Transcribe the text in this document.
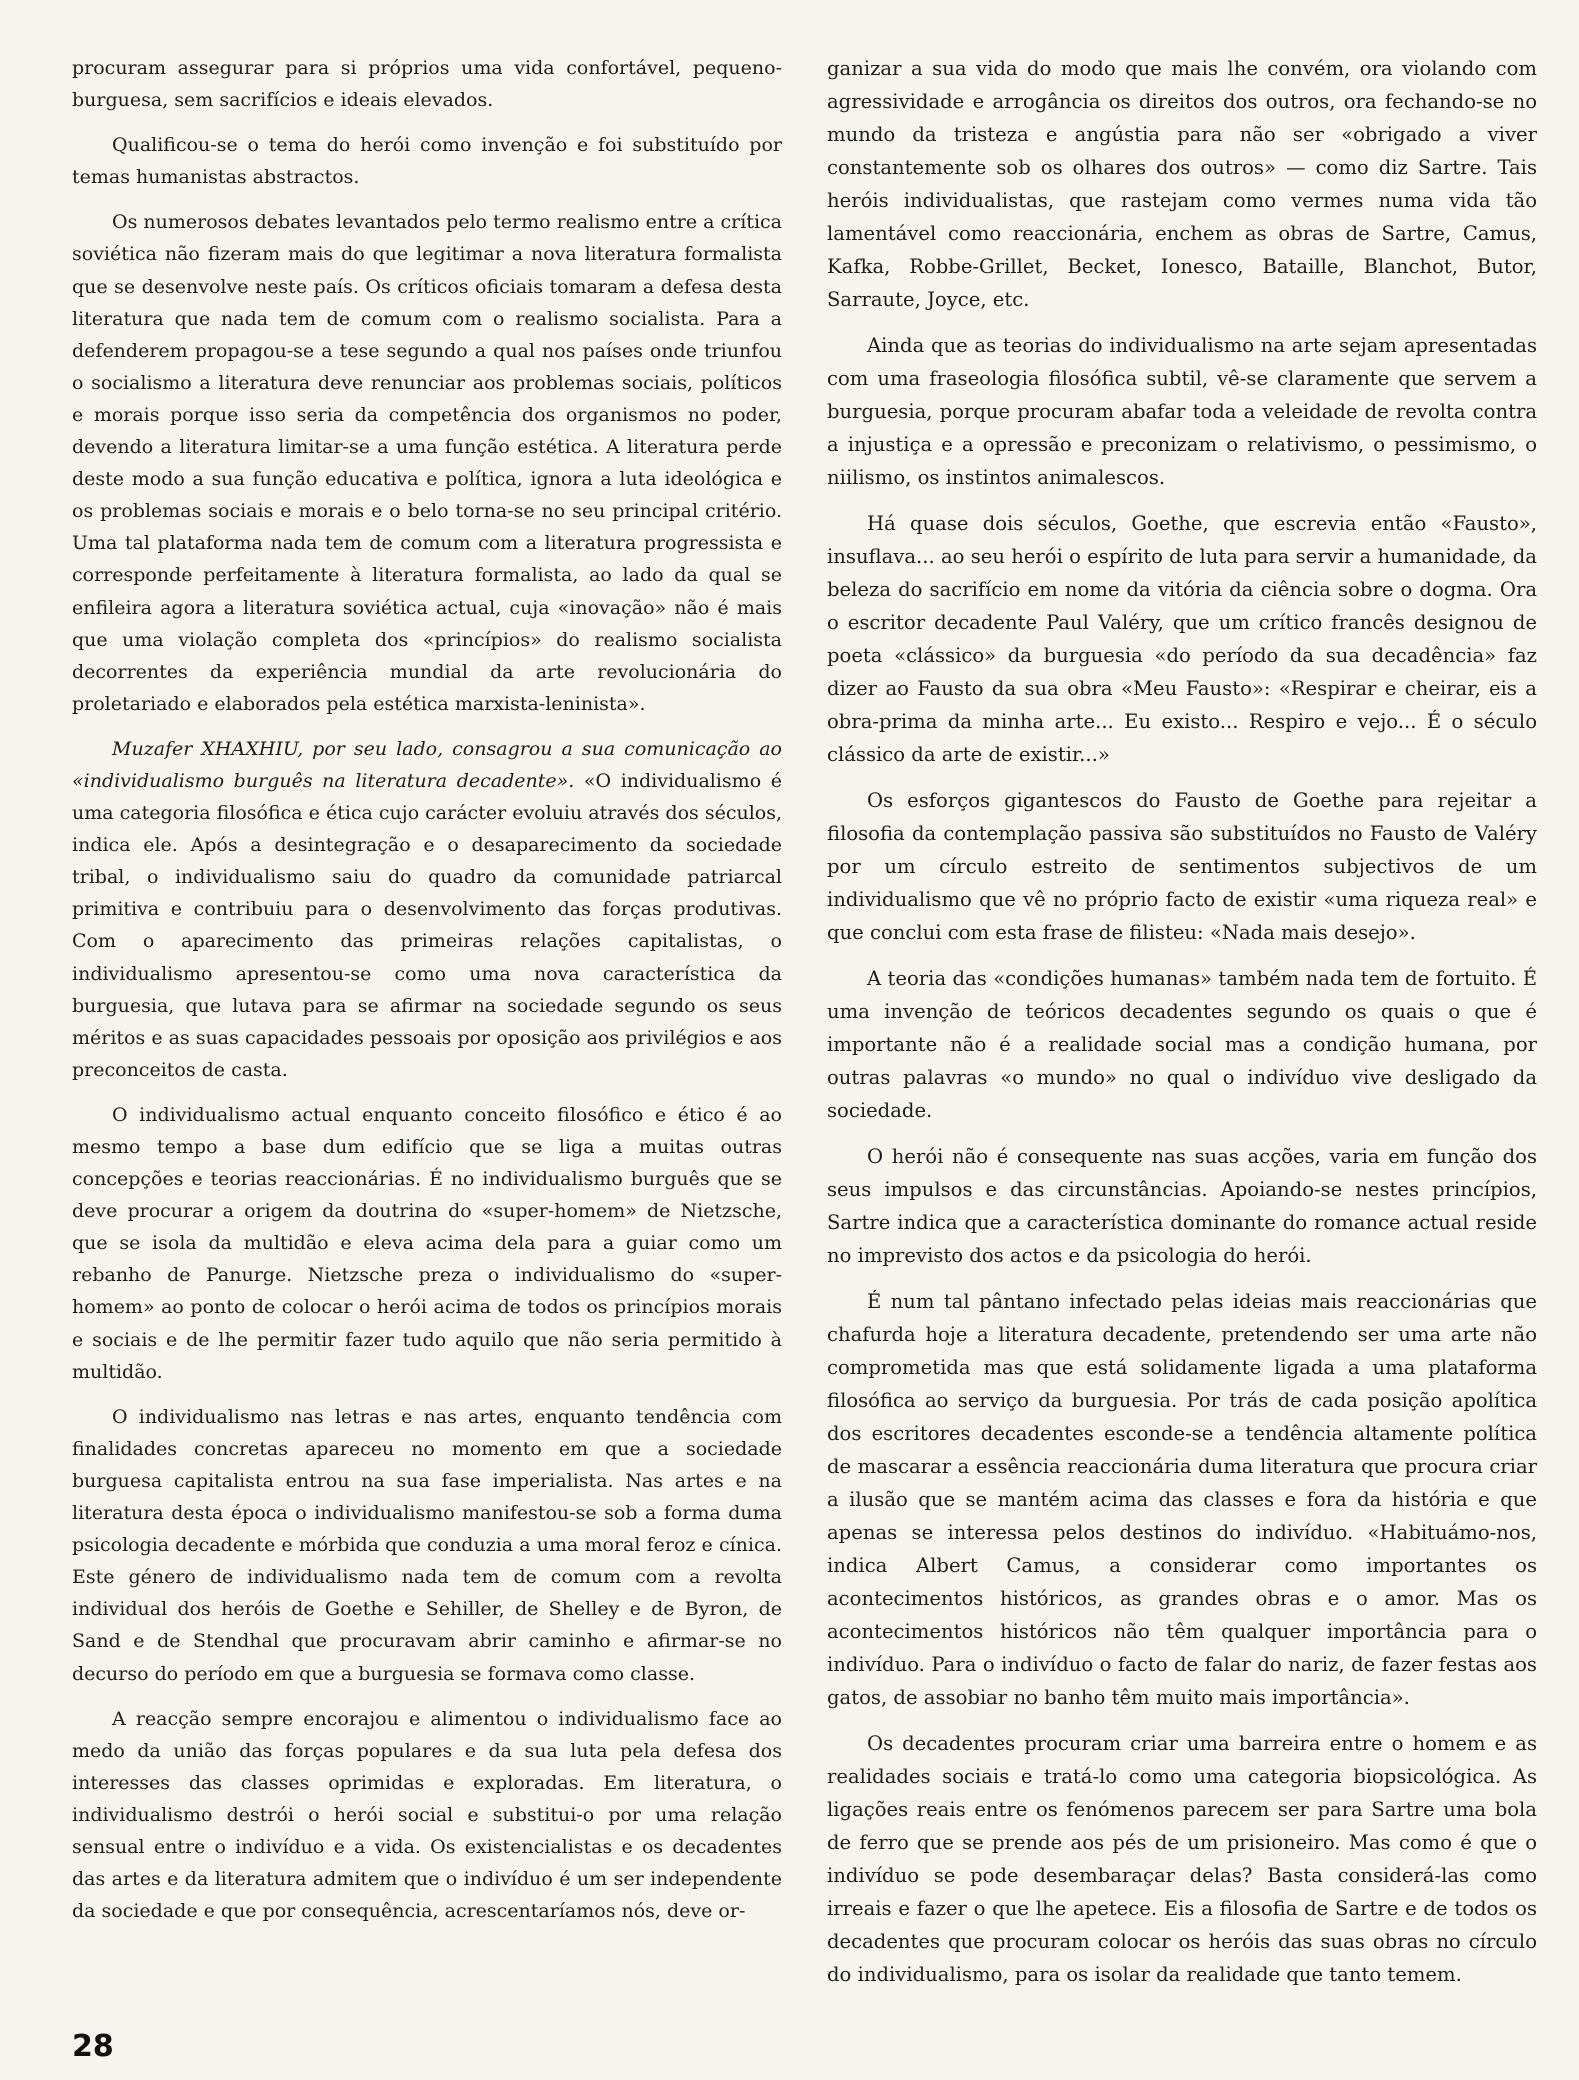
procuram assegurar para si próprios uma vida confortável, pequeno-burguesa, sem sacrifícios e ideais elevados.

Qualificou-se o tema do herói como invenção e foi substituído por temas humanistas abstractos.

Os numerosos debates levantados pelo termo realismo entre a crítica soviética não fizeram mais do que legitimar a nova literatura formalista que se desenvolve neste país. Os críticos oficiais tomaram a defesa desta literatura que nada tem de comum com o realismo socialista. Para a defenderem propagou-se a tese segundo a qual nos países onde triunfou o socialismo a literatura deve renunciar aos problemas sociais, políticos e morais porque isso seria da competência dos organismos no poder, devendo a literatura limitar-se a uma função estética. A literatura perde deste modo a sua função educativa e política, ignora a luta ideológica e os problemas sociais e morais e o belo torna-se no seu principal critério. Uma tal plataforma nada tem de comum com a literatura progressista e corresponde perfeitamente à literatura formalista, ao lado da qual se enfileira agora a literatura soviética actual, cuja «inovação» não é mais que uma violação completa dos «princípios» do realismo socialista decorrentes da experiência mundial da arte revolucionária do proletariado e elaborados pela estética marxista-leninista».

Muzafer XHAXHIU, por seu lado, consagrou a sua comunicação ao «individualismo burguês na literatura decadente». «O individualismo é uma categoria filosófica e ética cujo carácter evoluiu através dos séculos, indica ele. Após a desintegração e o desaparecimento da sociedade tribal, o individualismo saiu do quadro da comunidade patriarcal primitiva e contribuiu para o desenvolvimento das forças produtivas. Com o aparecimento das primeiras relações capitalistas, o individualismo apresentou-se como uma nova característica da burguesia, que lutava para se afirmar na sociedade segundo os seus méritos e as suas capacidades pessoais por oposição aos privilégios e aos preconceitos de casta.

O individualismo actual enquanto conceito filosófico e ético é ao mesmo tempo a base dum edifício que se liga a muitas outras concepções e teorias reaccionárias. É no individualismo burguês que se deve procurar a origem da doutrina do «super-homem» de Nietzsche, que se isola da multidão e eleva acima dela para a guiar como um rebanho de Panurge. Nietzsche preza o individualismo do «super-homem» ao ponto de colocar o herói acima de todos os princípios morais e sociais e de lhe permitir fazer tudo aquilo que não seria permitido à multidão.

O individualismo nas letras e nas artes, enquanto tendência com finalidades concretas apareceu no momento em que a sociedade burguesa capitalista entrou na sua fase imperialista. Nas artes e na literatura desta época o individualismo manifestou-se sob a forma duma psicologia decadente e mórbida que conduzia a uma moral feroz e cínica. Este género de individualismo nada tem de comum com a revolta individual dos heróis de Goethe e Sehiller, de Shelley e de Byron, de Sand e de Stendhal que procuravam abrir caminho e afirmar-se no decurso do período em que a burguesia se formava como classe.

A reacção sempre encorajou e alimentou o individualismo face ao medo da união das forças populares e da sua luta pela defesa dos interesses das classes oprimidas e exploradas. Em literatura, o individualismo destrói o herói social e substitui-o por uma relação sensual entre o indivíduo e a vida. Os existencialistas e os decadentes das artes e da literatura admitem que o indivíduo é um ser independente da sociedade e que por consequência, acrescentaríamos nós, deve or-

ganizar a sua vida do modo que mais lhe convém, ora violando com agressividade e arrogância os direitos dos outros, ora fechando-se no mundo da tristeza e angústia para não ser «obrigado a viver constantemente sob os olhares dos outros» — como diz Sartre. Tais heróis individualistas, que rastejam como vermes numa vida tão lamentável como reaccionária, enchem as obras de Sartre, Camus, Kafka, Robbe-Grillet, Becket, Ionesco, Bataille, Blanchot, Butor, Sarraute, Joyce, etc.

Ainda que as teorias do individualismo na arte sejam apresentadas com uma fraseologia filosófica subtil, vê-se claramente que servem a burguesia, porque procuram abafar toda a veleidade de revolta contra a injustiça e a opressão e preconizam o relativismo, o pessimismo, o niilismo, os instintos animalescos.

Há quase dois séculos, Goethe, que escrevia então «Fausto», insuflava... ao seu herói o espírito de luta para servir a humanidade, da beleza do sacrifício em nome da vitória da ciência sobre o dogma. Ora o escritor decadente Paul Valéry, que um crítico francês designou de poeta «clássico» da burguesia «do período da sua decadência» faz dizer ao Fausto da sua obra «Meu Fausto»: «Respirar e cheirar, eis a obra-prima da minha arte... Eu existo... Respiro e vejo... É o século clássico da arte de existir...»

Os esforços gigantescos do Fausto de Goethe para rejeitar a filosofia da contemplação passiva são substituídos no Fausto de Valéry por um círculo estreito de sentimentos subjectivos de um individualismo que vê no próprio facto de existir «uma riqueza real» e que conclui com esta frase de filisteu: «Nada mais desejo».

A teoria das «condições humanas» também nada tem de fortuito. É uma invenção de teóricos decadentes segundo os quais o que é importante não é a realidade social mas a condição humana, por outras palavras «o mundo» no qual o indivíduo vive desligado da sociedade.

O herói não é consequente nas suas acções, varia em função dos seus impulsos e das circunstâncias. Apoiando-se nestes princípios, Sartre indica que a característica dominante do romance actual reside no imprevisto dos actos e da psicologia do herói.

É num tal pântano infectado pelas ideias mais reaccionárias que chafurda hoje a literatura decadente, pretendendo ser uma arte não comprometida mas que está solidamente ligada a uma plataforma filosófica ao serviço da burguesia. Por trás de cada posição apolítica dos escritores decadentes esconde-se a tendência altamente política de mascarar a essência reaccionária duma literatura que procura criar a ilusão que se mantém acima das classes e fora da história e que apenas se interessa pelos destinos do indivíduo. «Habituámo-nos, indica Albert Camus, a considerar como importantes os acontecimentos históricos, as grandes obras e o amor. Mas os acontecimentos históricos não têm qualquer importância para o indivíduo. Para o indivíduo o facto de falar do nariz, de fazer festas aos gatos, de assobiar no banho têm muito mais importância».

Os decadentes procuram criar uma barreira entre o homem e as realidades sociais e tratá-lo como uma categoria biopsicológica. As ligações reais entre os fenómenos parecem ser para Sartre uma bola de ferro que se prende aos pés de um prisioneiro. Mas como é que o indivíduo se pode desembaraçar delas? Basta considerá-las como irreais e fazer o que lhe apetece. Eis a filosofia de Sartre e de todos os decadentes que procuram colocar os heróis das suas obras no círculo do individualismo, para os isolar da realidade que tanto temem.

28
